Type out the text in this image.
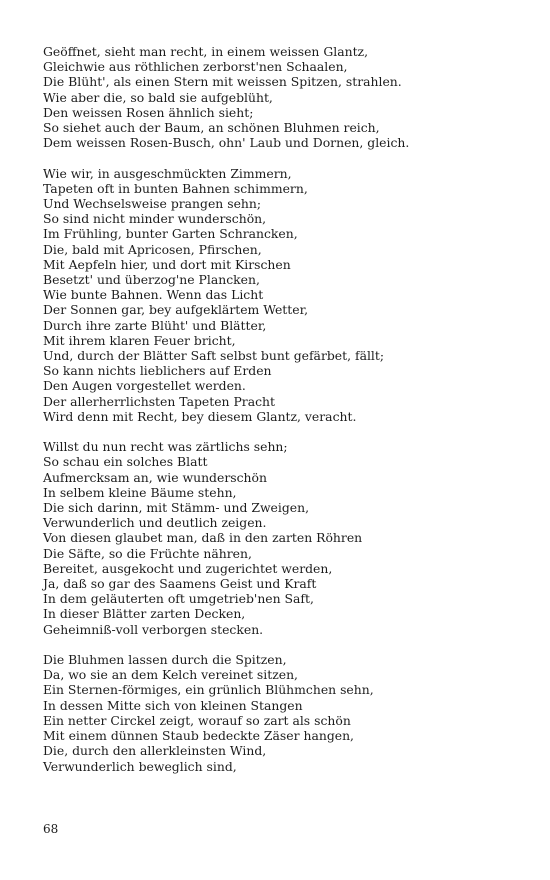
Geöffnet, sieht man recht, in einem weissen Glantz,
Gleichwie aus röthlichen zerborst'nen Schaalen,
Die Blüht', als einen Stern mit weissen Spitzen, strahlen.
Wie aber die, so bald sie aufgeblüht,
Den weissen Rosen ähnlich sieht;
So siehet auch der Baum, an schönen Bluhmen reich,
Dem weissen Rosen-Busch, ohn' Laub und Dornen, gleich.
Wie wir, in ausgeschmückten Zimmern,
Tapeten oft in bunten Bahnen schimmern,
Und Wechselsweise prangen sehn;
So sind nicht minder wunderschön,
Im Frühling, bunter Garten Schrancken,
Die, bald mit Apricosen, Pfirschen,
Mit Aepfeln hier, und dort mit Kirschen
Besetzt' und überzog'ne Plancken,
Wie bunte Bahnen. Wenn das Licht
Der Sonnen gar, bey aufgeklärtem Wetter,
Durch ihre zarte Blüht' und Blätter,
Mit ihrem klaren Feuer bricht,
Und, durch der Blätter Saft selbst bunt gefärbet, fällt;
So kann nichts lieblichers auf Erden
Den Augen vorgestellet werden.
Der allerherrlichsten Tapeten Pracht
Wird denn mit Recht, bey diesem Glantz, veracht.
Willst du nun recht was zärtlichs sehn;
So schau ein solches Blatt
Aufmercksam an, wie wunderschön
In selbem kleine Bäume stehn,
Die sich darinn, mit Stämm- und Zweigen,
Verwunderlich und deutlich zeigen.
Von diesen glaubet man, daß in den zarten Röhren
Die Säfte, so die Früchte nähren,
Bereitet, ausgekocht und zugerichtet werden,
Ja, daß so gar des Saamens Geist und Kraft
In dem geläuterten oft umgetrieb'nen Saft,
In dieser Blätter zarten Decken,
Geheimniß-voll verborgen stecken.
Die Bluhmen lassen durch die Spitzen,
Da, wo sie an dem Kelch vereinet sitzen,
Ein Sternen-förmiges, ein grünlich Blühmchen sehn,
In dessen Mitte sich von kleinen Stangen
Ein netter Circkel zeigt, worauf so zart als schön
Mit einem dünnen Staub bedeckte Zäser hangen,
Die, durch den allerkleinsten Wind,
Verwunderlich beweglich sind,
68
